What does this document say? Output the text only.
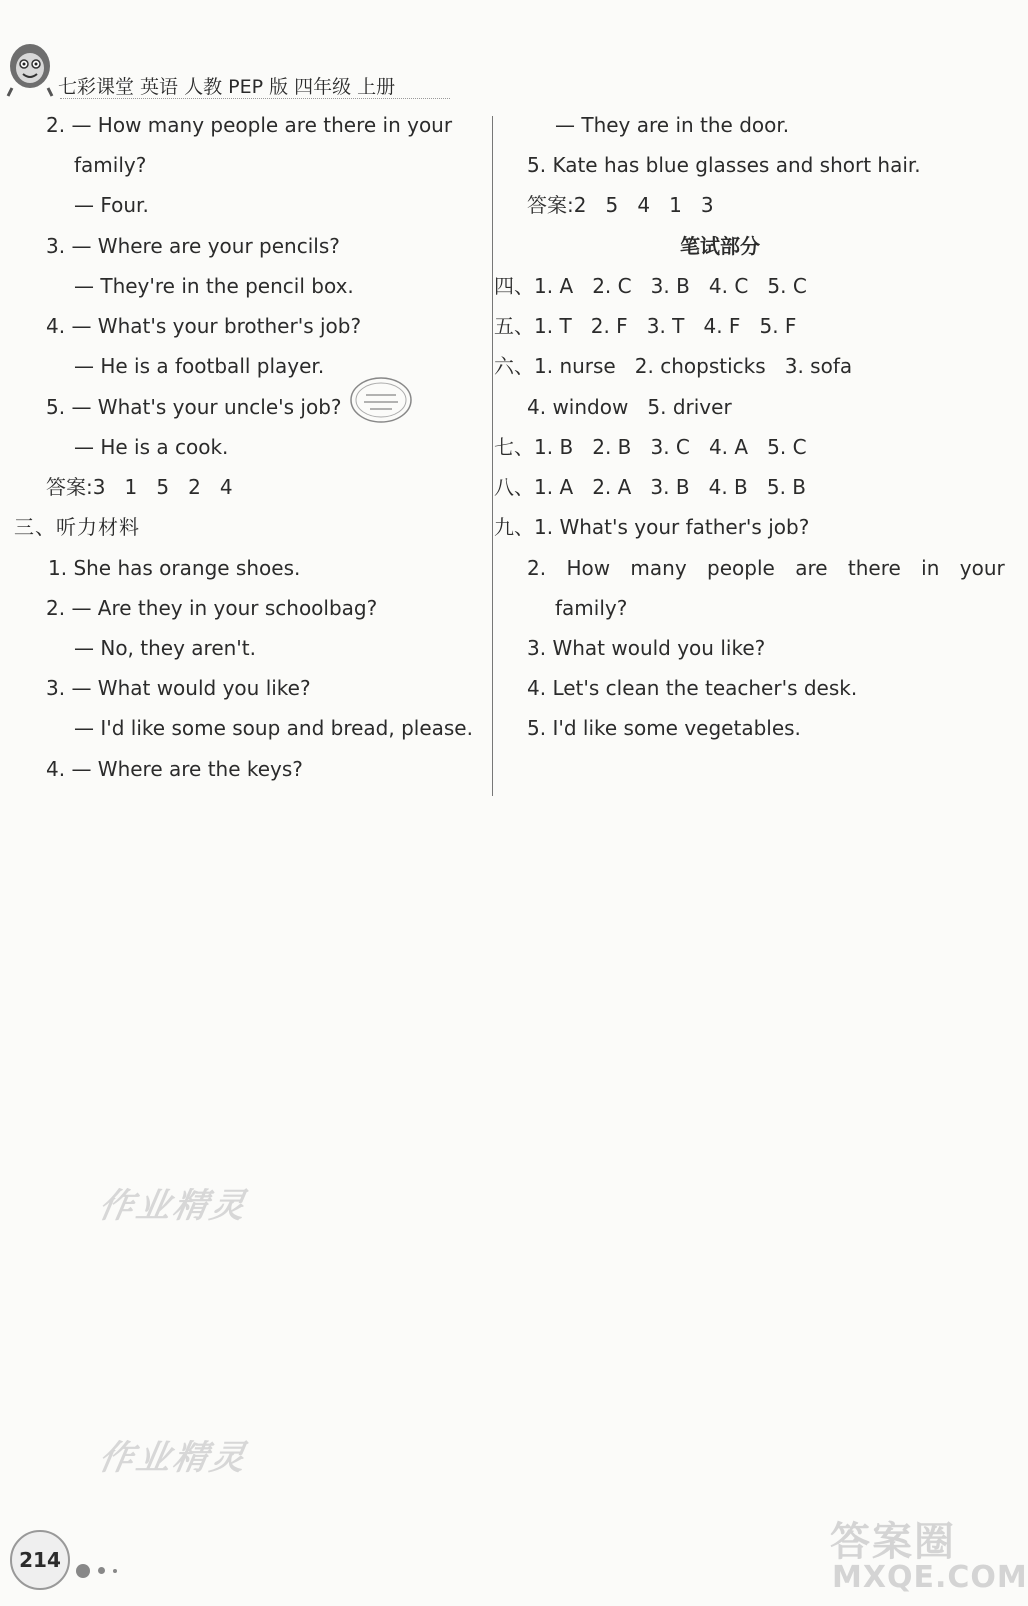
七彩课堂 英语 人教 PEP 版 四年级 上册
2. — How many people are there in your
family?
— Four.
3. — Where are your pencils?
— They're in the pencil box.
4. — What's your brother's job?
— He is a football player.
5. — What's your uncle's job?
— He is a cook.
答案:3   1   5   2   4
三、听力材料
1. She has orange shoes.
2. — Are they in your schoolbag?
— No, they aren't.
3. — What would you like?
— I'd like some soup and bread, please.
4. — Where are the keys?
— They are in the door.
5. Kate has blue glasses and short hair.
答案:2   5   4   1   3
笔试部分
四、1. A   2. C   3. B   4. C   5. C
五、1. T   2. F   3. T   4. F   5. F
六、1. nurse   2. chopsticks   3. sofa
4. window   5. driver
七、1. B   2. B   3. C   4. A   5. C
八、1. A   2. A   3. B   4. B   5. B
九、1. What's your father's job?
2. How many people are there in your
family?
3. What would you like?
4. Let's clean the teacher's desk.
5. I'd like some vegetables.
作业精灵
作业精灵
214	答案圈
MXQE.COM
